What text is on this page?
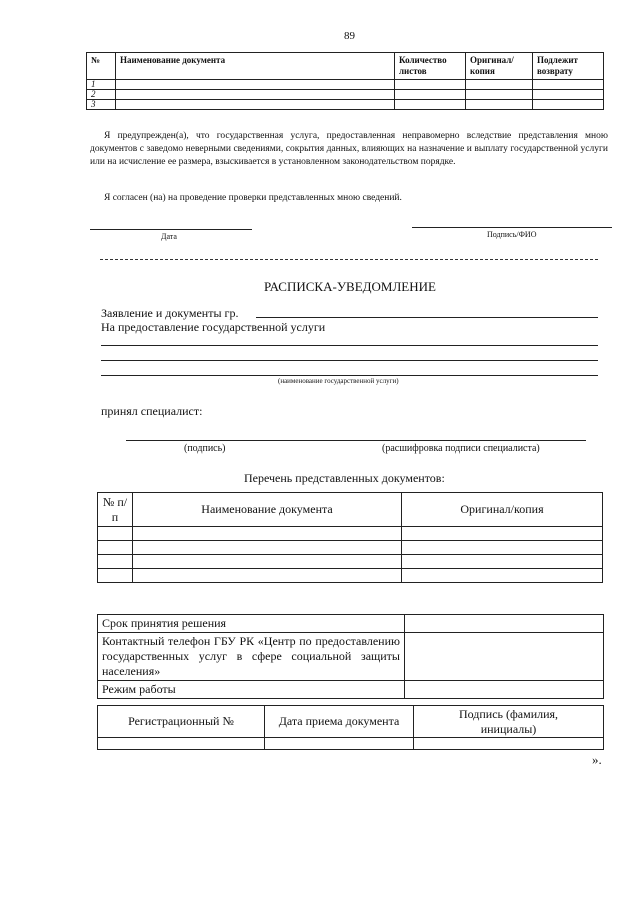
89
№	Наименование документа	Количество листов	Оригинал/ копия	Подлежит возврату
1				
2				
3				
Я предупрежден(а), что государственная услуга, предоставленная неправомерно вследствие представления мною документов с заведомо неверными сведениями, сокрытия данных, влияющих на назначение и выплату государственной услуги или на исчисление ее размера, взыскивается в установленном законодательством порядке.
Я согласен (на) на проведение проверки представленных мною сведений.
Дата	Подпись/ФИО
РАСПИСКА-УВЕДОМЛЕНИЕ
Заявление и документы гр.
На предоставление государственной услуги
(наименование государственной услуги)
принял специалист:
(подпись)	(расшифровка подписи специалиста)
Перечень представленных документов:
№ п/п	Наименование документа	Оригинал/копия

Срок принятия решения	
Контактный телефон ГБУ РК «Центр по предоставлению государственных услуг в сфере социальной защиты населения»	
Режим работы	
Регистрационный №	Дата приема документа	Подпись (фамилия, инициалы)

».
